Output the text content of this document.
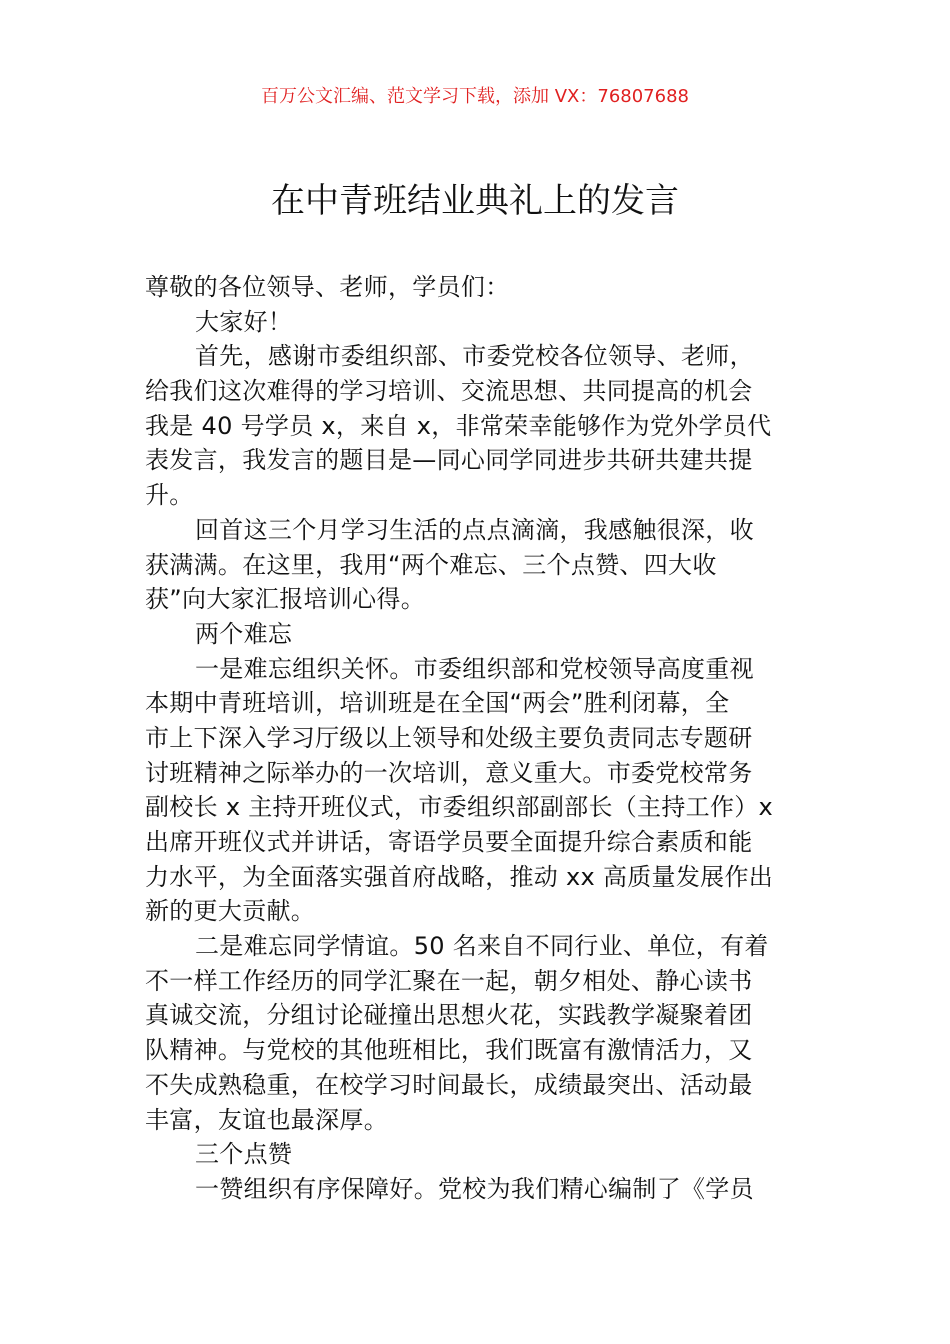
百万公文汇编、范文学习下载，添加 VX：76807688
在中青班结业典礼上的发言
尊敬的各位领导、老师，学员们：
大家好！
首先，感谢市委组织部、市委党校各位领导、老师，
给我们这次难得的学习培训、交流思想、共同提高的机会
我是 40 号学员 x，来自 x，非常荣幸能够作为党外学员代
表发言，我发言的题目是—同心同学同进步共研共建共提
升。
回首这三个月学习生活的点点滴滴，我感触很深，收
获满满。在这里，我用“两个难忘、三个点赞、四大收
获”向大家汇报培训心得。
两个难忘
一是难忘组织关怀。市委组织部和党校领导高度重视
本期中青班培训，培训班是在全国“两会”胜利闭幕，全
市上下深入学习厅级以上领导和处级主要负责同志专题研
讨班精神之际举办的一次培训，意义重大。市委党校常务
副校长 x 主持开班仪式，市委组织部副部长（主持工作）x
出席开班仪式并讲话，寄语学员要全面提升综合素质和能
力水平，为全面落实强首府战略，推动 xx 高质量发展作出
新的更大贡献。
二是难忘同学情谊。50 名来自不同行业、单位，有着
不一样工作经历的同学汇聚在一起，朝夕相处、静心读书
真诚交流，分组讨论碰撞出思想火花，实践教学凝聚着团
队精神。与党校的其他班相比，我们既富有激情活力，又
不失成熟稳重，在校学习时间最长，成绩最突出、活动最
丰富，友谊也最深厚。
三个点赞
一赞组织有序保障好。党校为我们精心编制了《学员
